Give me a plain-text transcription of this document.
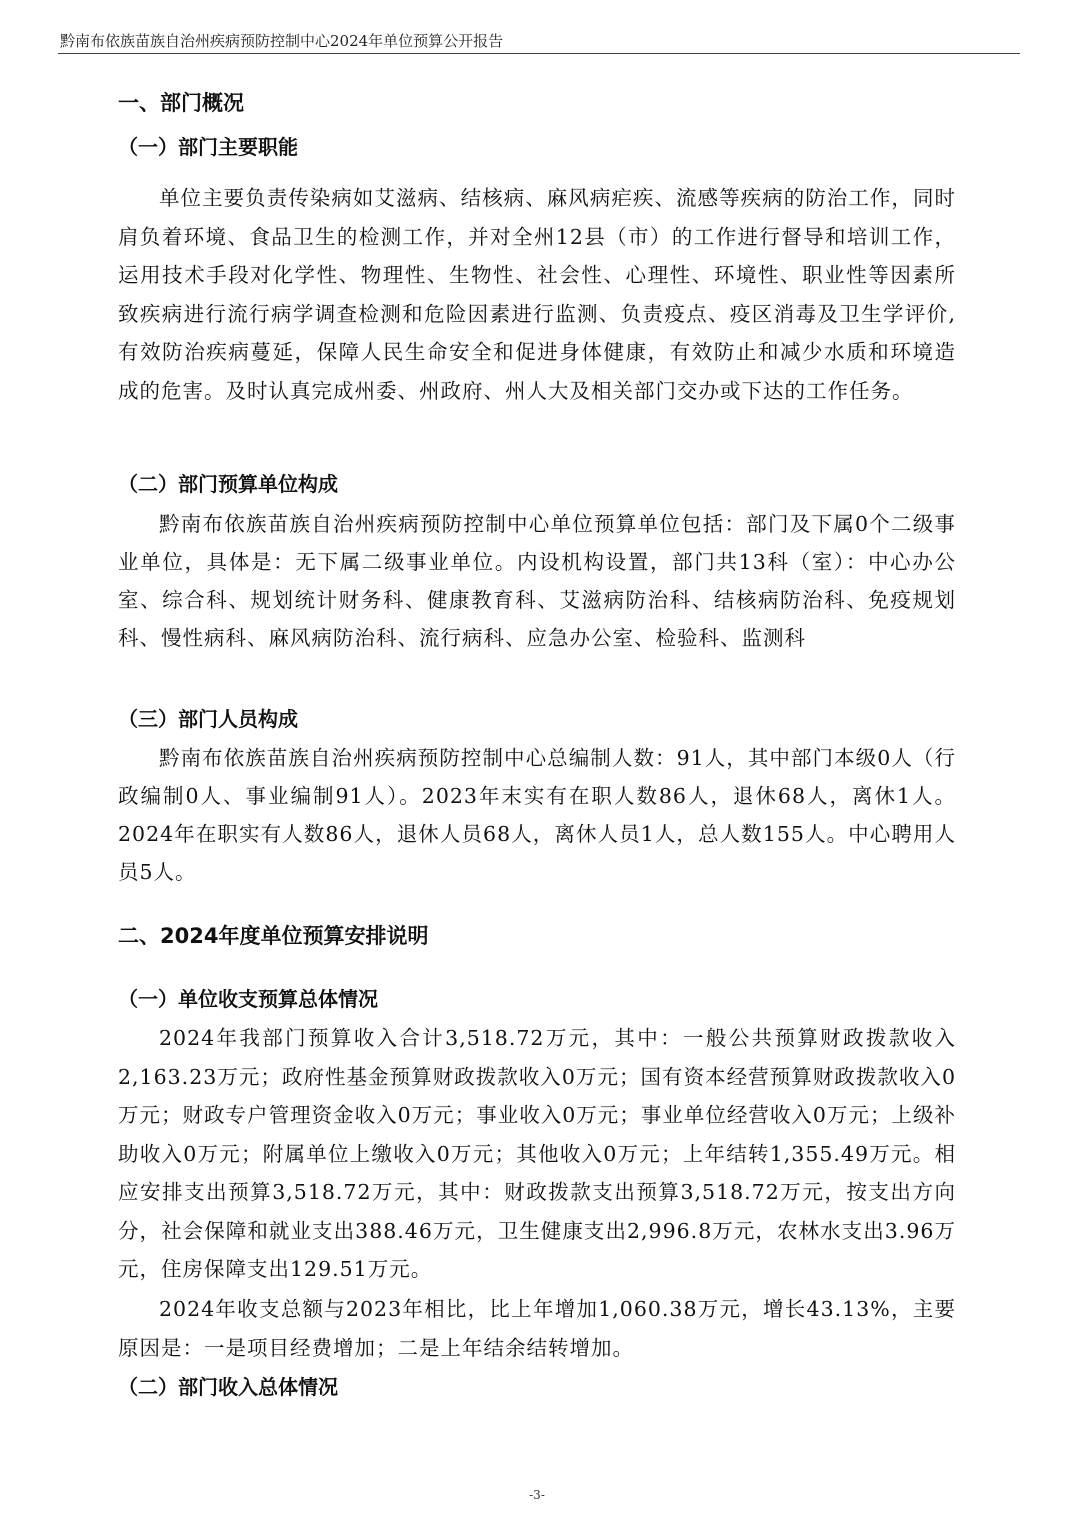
黔南布依族苗族自治州疾病预防控制中心2024年单位预算公开报告
一、部门概况
（一）部门主要职能
单位主要负责传染病如艾滋病、结核病、麻风病疟疾、流感等疾病的防治工作，同时肩负着环境、食品卫生的检测工作，并对全州12县（市）的工作进行督导和培训工作，运用技术手段对化学性、物理性、生物性、社会性、心理性、环境性、职业性等因素所致疾病进行流行病学调查检测和危险因素进行监测、负责疫点、疫区消毒及卫生学评价,有效防治疾病蔓延，保障人民生命安全和促进身体健康，有效防止和减少水质和环境造成的危害。及时认真完成州委、州政府、州人大及相关部门交办或下达的工作任务。
（二）部门预算单位构成
黔南布依族苗族自治州疾病预防控制中心单位预算单位包括：部门及下属0个二级事业单位，具体是：无下属二级事业单位。内设机构设置，部门共13科（室）：中心办公室、综合科、规划统计财务科、健康教育科、艾滋病防治科、结核病防治科、免疫规划科、慢性病科、麻风病防治科、流行病科、应急办公室、检验科、监测科
（三）部门人员构成
黔南布依族苗族自治州疾病预防控制中心总编制人数：91人，其中部门本级0人（行政编制0人、事业编制91人）。2023年末实有在职人数86人，退休68人，离休1人。2024年在职实有人数86人，退休人员68人，离休人员1人，总人数155人。中心聘用人员5人。
二、2024年度单位预算安排说明
（一）单位收支预算总体情况
2024年我部门预算收入合计3,518.72万元，其中：一般公共预算财政拨款收入2,163.23万元；政府性基金预算财政拨款收入0万元；国有资本经营预算财政拨款收入0万元；财政专户管理资金收入0万元；事业收入0万元；事业单位经营收入0万元；上级补助收入0万元；附属单位上缴收入0万元；其他收入0万元；上年结转1,355.49万元。相应安排支出预算3,518.72万元，其中：财政拨款支出预算3,518.72万元，按支出方向分，社会保障和就业支出388.46万元，卫生健康支出2,996.8万元，农林水支出3.96万元，住房保障支出129.51万元。
2024年收支总额与2023年相比，比上年增加1,060.38万元，增长43.13%，主要原因是：一是项目经费增加；二是上年结余结转增加。
（二）部门收入总体情况
-3-
